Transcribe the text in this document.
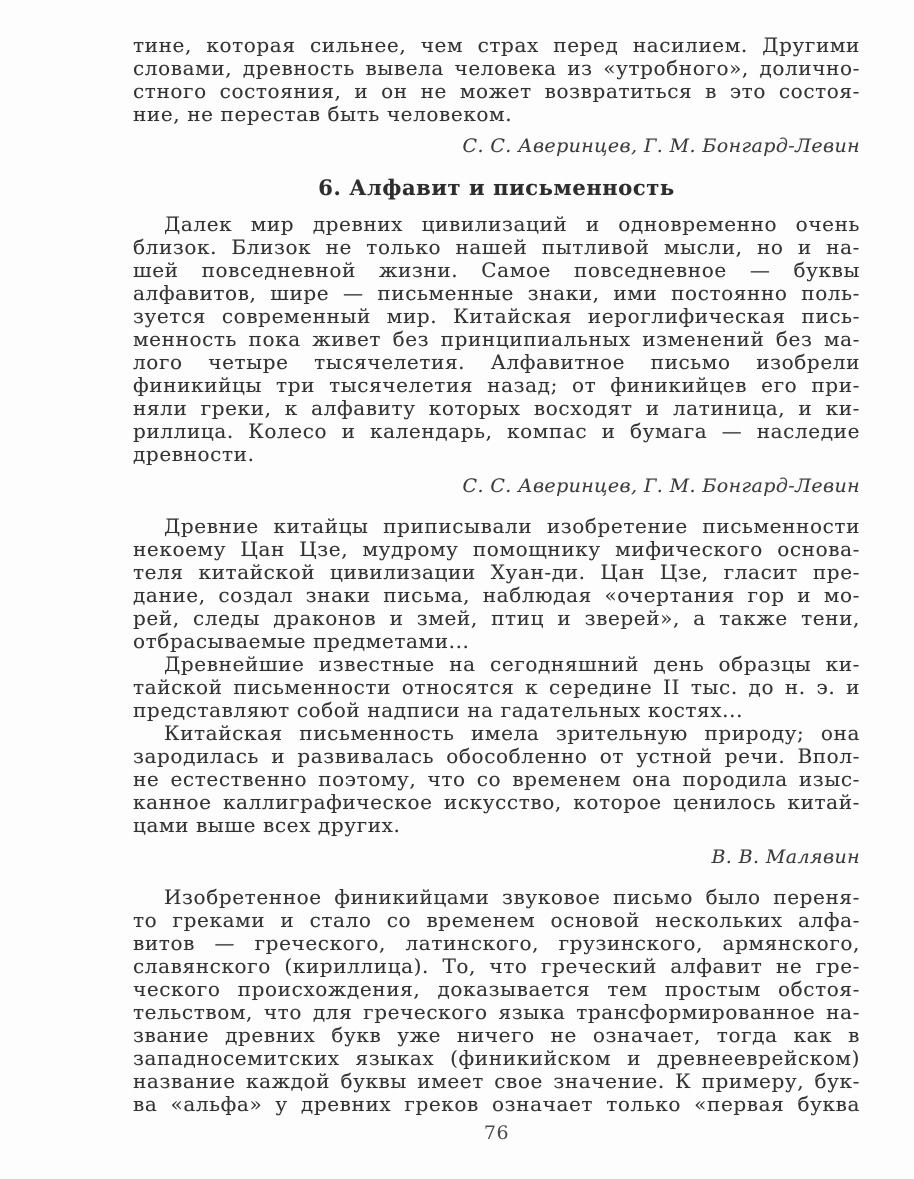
тине, которая сильнее, чем страх перед насилием. Другими
словами, древность вывела человека из «утробного», долично-
стного состояния, и он не может возвратиться в это состоя-
ние, не перестав быть человеком.
С. С. Аверинцев, Г. М. Бонгард-Левин
6. Алфавит и письменность
Далек мир древних цивилизаций и одновременно очень
близок. Близок не только нашей пытливой мысли, но и на-
шей повседневной жизни. Самое повседневное — буквы
алфавитов, шире — письменные знаки, ими постоянно поль-
зуется современный мир. Китайская иероглифическая пись-
менность пока живет без принципиальных изменений без ма-
лого четыре тысячелетия. Алфавитное письмо изобрели
финикийцы три тысячелетия назад; от финикийцев его при-
няли греки, к алфавиту которых восходят и латиница, и ки-
риллица. Колесо и календарь, компас и бумага — наследие
древности.
С. С. Аверинцев, Г. М. Бонгард-Левин
Древние китайцы приписывали изобретение письменности
некоему Цан Цзе, мудрому помощнику мифического основа-
теля китайской цивилизации Хуан-ди. Цан Цзе, гласит пре-
дание, создал знаки письма, наблюдая «очертания гор и мо-
рей, следы драконов и змей, птиц и зверей», а также тени,
отбрасываемые предметами...
Древнейшие известные на сегодняшний день образцы ки-
тайской письменности относятся к середине II тыс. до н. э. и
представляют собой надписи на гадательных костях...
Китайская письменность имела зрительную природу; она
зародилась и развивалась обособленно от устной речи. Впол-
не естественно поэтому, что со временем она породила изыс-
канное каллиграфическое искусство, которое ценилось китай-
цами выше всех других.
В. В. Малявин
Изобретенное финикийцами звуковое письмо было переня-
то греками и стало со временем основой нескольких алфа-
витов — греческого, латинского, грузинского, армянского,
славянского (кириллица). То, что греческий алфавит не гре-
ческого происхождения, доказывается тем простым обстоя-
тельством, что для греческого языка трансформированное на-
звание древних букв уже ничего не означает, тогда как в
западносемитских языках (финикийском и древнееврейском)
название каждой буквы имеет свое значение. К примеру, бук-
ва «альфа» у древних греков означает только «первая буква
76
